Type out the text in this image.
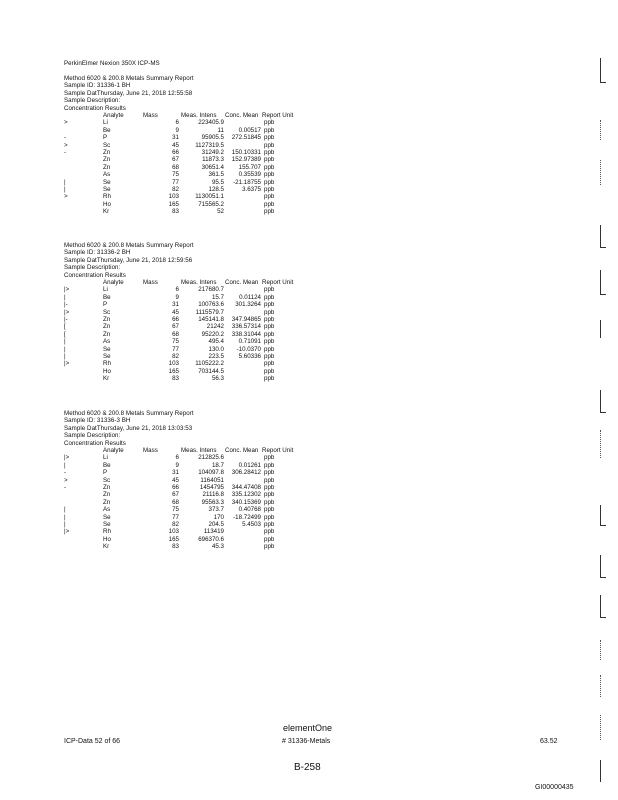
PerkinElmer Nexion 350X ICP-MS
Method 6020 & 200.8 Metals Summary Report
Sample ID: 31336-1 BH
Sample DatThursday, June 21, 2018 12:55:58
Sample Description:
Concentration Results
Analyte	Mass	Meas. Intens Conc. Mean Report Unit
>	Li	6	223405.9	ppb
Be	9	11	0.00517 ppb
-	P	31	95905.5	272.51845 ppb
>	Sc	45	1127319.5	ppb
-	Zn	66	31249.2	150.10331 ppb
Zn	67	11873.3	152.97389 ppb
Zn	68	30651.4	155.707 ppb
As	75	361.5	0.35539 ppb
|	Se	77	95.5	-21.18755 ppb
|	Se	82	128.5	3.6375 ppb
>	Rh	103	1130051.1	ppb
Ho	165	715565.2	ppb
Kr	83	52	ppb
Method 6020 & 200.8 Metals Summary Report
Sample ID: 31336-2 BH
Sample DatThursday, June 21, 2018 12:59:56
Sample Description:
Concentration Results
Analyte	Mass	Meas. Intens Conc. Mean Report Unit
|>	Li	6	217680.7	ppb
|	Be	9	15.7	0.01124 ppb
|-	P	31	100763.6	301.3264 ppb
|>	Sc	45	1115579.7	ppb
|-	Zn	66	145141.8	347.94865 ppb
[	Zn	67	21242	336.57314 ppb
[	Zn	68	95220.2	338.31044 ppb
|	As	75	495.4	0.71091 ppb
|	Se	77	130.0	-10.0370 ppb
|	Se	82	223.5	5.60336 ppb
|>	Rh	103	1105222.2	ppb
Ho	165	703144.5	ppb
Kr	83	56.3	ppb
Method 6020 & 200.8 Metals Summary Report
Sample ID: 31336-3 BH
Sample DatThursday, June 21, 2018 13:03:53
Sample Description:
Concentration Results
Analyte	Mass	Meas. Intens Conc. Mean Report Unit
|>	Li	6	212825.6	ppb
|	Be	9	18.7	0.01261 ppb
-	P	31	104097.8	306.28412 ppb
>	Sc	45	1164051	ppb
-	Zn	66	1454795	344.47408 ppb
Zn	67	21116.8	335.12302 ppb
Zn	68	95563.3	340.15369 ppb
|	As	75	373.7	0.40768 ppb
|	Se	77	170	-18.72499 ppb
|	Se	82	204.5	5.4503 ppb
|>	Rh	103	113419	ppb
Ho	165	696370.6	ppb
Kr	83	45.3	ppb
elementOne
ICP-Data 52 of 66	# 31336-Metals	63.52
B-258
GI00000435
